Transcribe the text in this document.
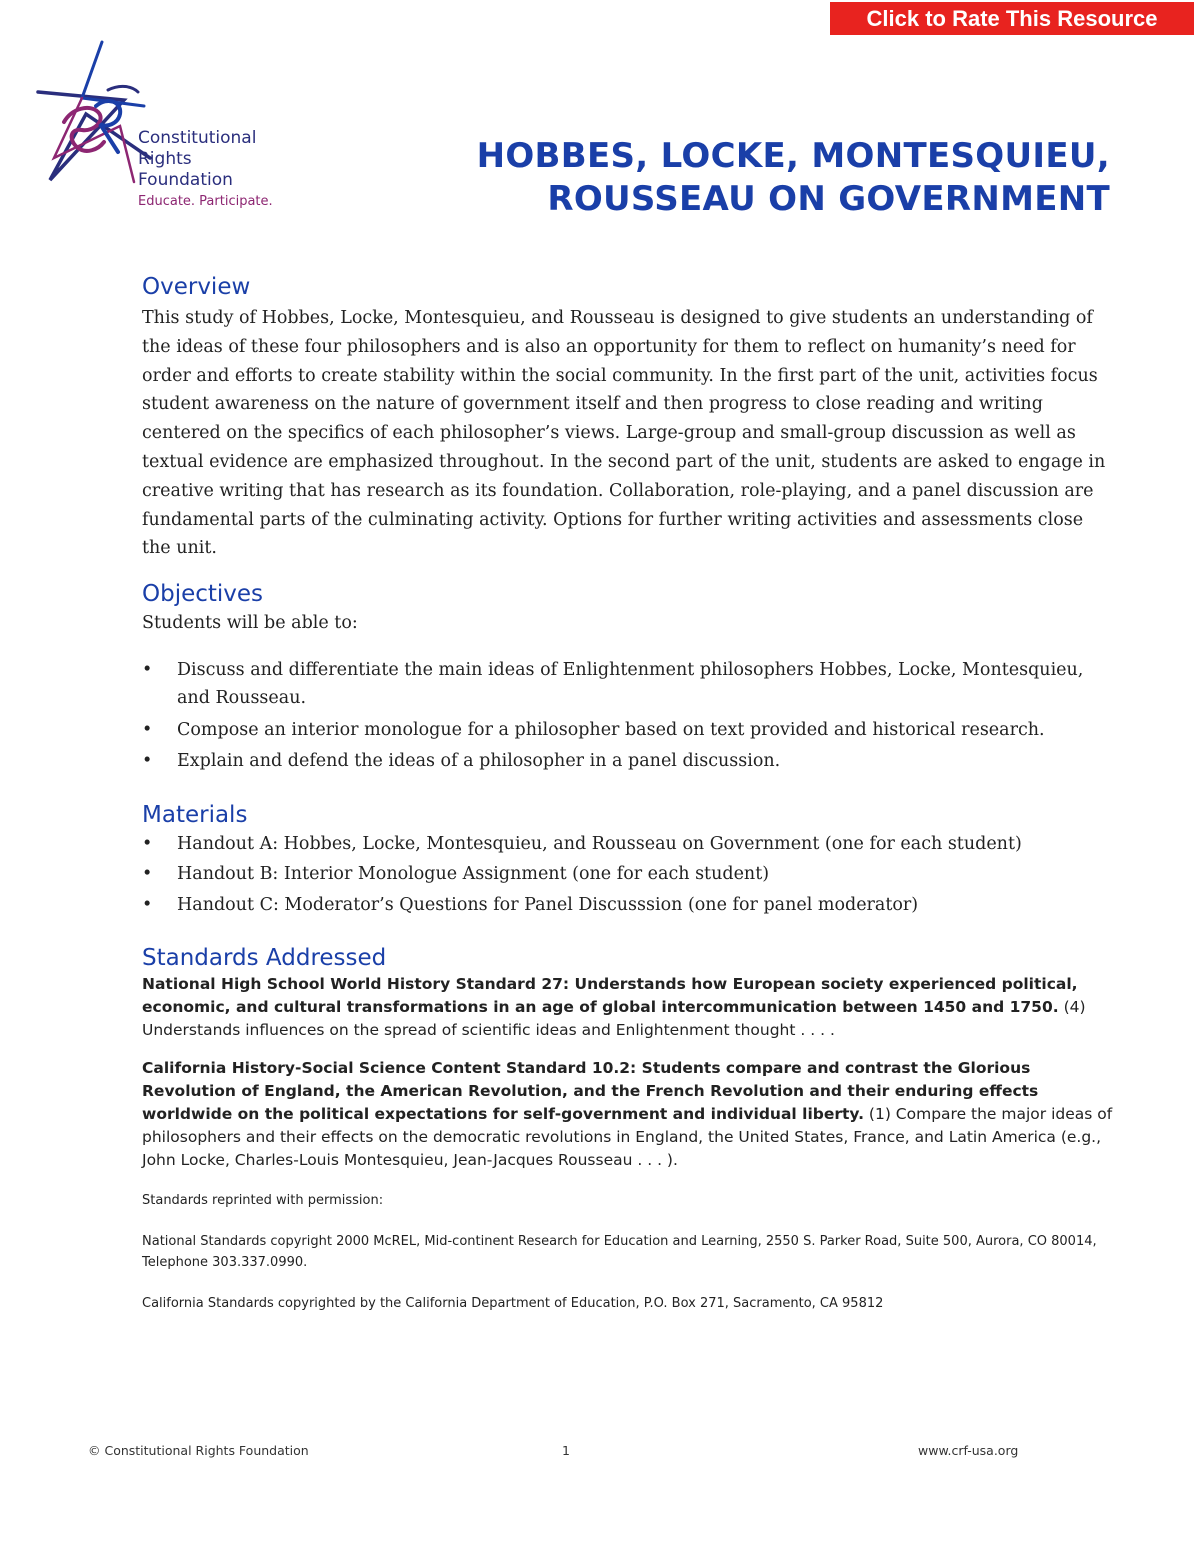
Click to Rate This Resource
Constitutional
Rights
Foundation
Educate. Participate.
HOBBES, LOCKE, MONTESQUIEU,
ROUSSEAU ON GOVERNMENT
Overview

This study of Hobbes, Locke, Montesquieu, and Rousseau is designed to give students an understanding of the ideas of these four philosophers and is also an opportunity for them to reflect on humanity’s need for order and efforts to create stability within the social community. In the first part of the unit, activities focus student awareness on the nature of government itself and then progress to close reading and writing centered on the specifics of each philosopher’s views. Large-group and small-group discussion as well as textual evidence are emphasized throughout. In the second part of the unit, students are asked to engage in creative writing that has research as its foundation. Collaboration, role-playing, and a panel discussion are fundamental parts of the culminating activity. Options for further writing activities and assessments close the unit.

Objectives

Students will be able to:

• Discuss and differentiate the main ideas of Enlightenment philosophers Hobbes, Locke, Montesquieu, and Rousseau.
• Compose an interior monologue for a philosopher based on text provided and historical research.
• Explain and defend the ideas of a philosopher in a panel discussion.
Materials
• Handout A: Hobbes, Locke, Montesquieu, and Rousseau on Government (one for each student)
• Handout B: Interior Monologue Assignment (one for each student)
• Handout C: Moderator’s Questions for Panel Discusssion (one for panel moderator)
Standards Addressed

National High School World History Standard 27: Understands how European society experienced political, economic, and cultural transformations in an age of global intercommunication between 1450 and 1750. (4) Understands influences on the spread of scientific ideas and Enlightenment thought . . . .

California History-Social Science Content Standard 10.2: Students compare and contrast the Glorious Revolution of England, the American Revolution, and the French Revolution and their enduring effects worldwide on the political expectations for self-government and individual liberty. (1) Compare the major ideas of philosophers and their effects on the democratic revolutions in England, the United States, France, and Latin America (e.g., John Locke, Charles-Louis Montesquieu, Jean-Jacques Rousseau . . . ).

Standards reprinted with permission:

National Standards copyright 2000 McREL, Mid-continent Research for Education and Learning, 2550 S. Parker Road, Suite 500, Aurora, CO 80014, Telephone 303.337.0990.

California Standards copyrighted by the California Department of Education, P.O. Box 271, Sacramento, CA 95812

© Constitutional Rights Foundation	1	www.crf-usa.org
